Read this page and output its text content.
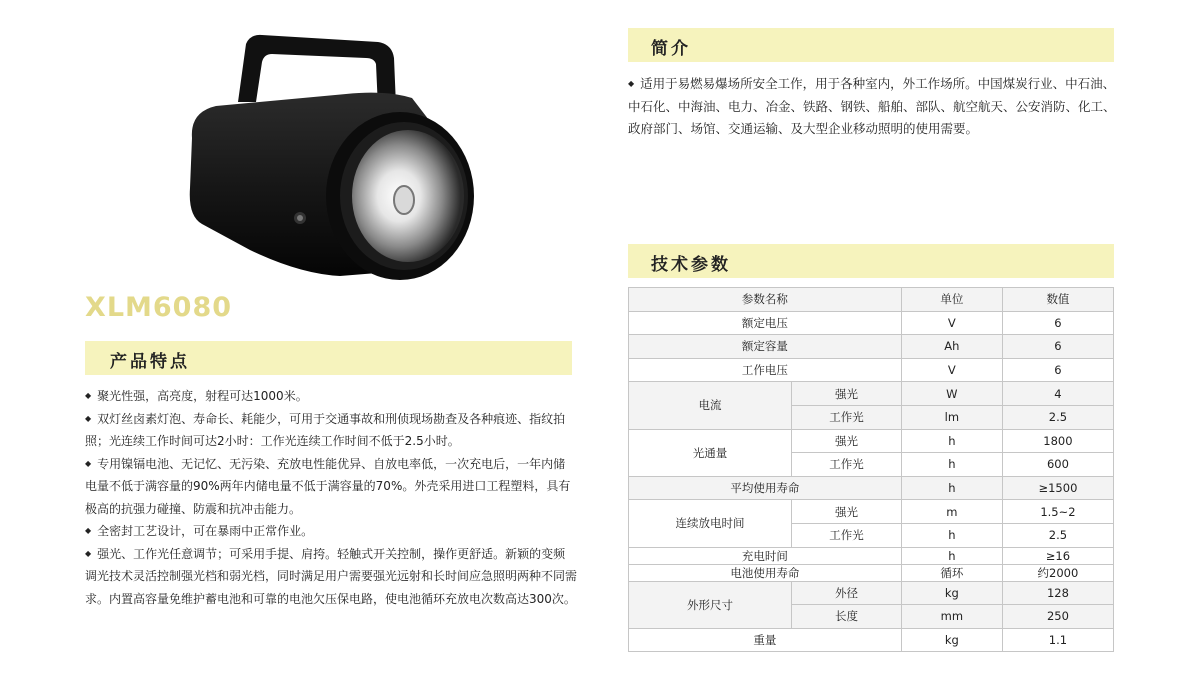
XLM6080
产品特点

◆ 聚光性强，高亮度，射程可达1000米。

◆ 双灯丝卤素灯泡、寿命长、耗能少，可用于交通事故和刑侦现场勘查及各种痕迹、指纹拍照；光连续工作时间可达2小时：工作光连续工作时间不低于2.5小时。

◆ 专用镍镉电池、无记忆、无污染、充放电性能优异、自放电率低，一次充电后，一年内储电量不低于满容量的90%两年内储电量不低于满容量的70%。外壳采用进口工程塑料，具有极高的抗强力碰撞、防震和抗冲击能力。

◆ 全密封工艺设计，可在暴雨中正常作业。

◆ 强光、工作光任意调节；可采用手提、肩挎。轻触式开关控制，操作更舒适。新颖的变频调光技术灵活控制强光档和弱光档，同时满足用户需要强光远射和长时间应急照明两种不同需求。内置高容量免维护蓄电池和可靠的电池欠压保电路，使电池循环充放电次数高达300次。

简介

◆ 适用于易燃易爆场所安全工作，用于各种室内，外工作场所。中国煤炭行业、中石油、中石化、中海油、电力、冶金、铁路、钢铁、船舶、部队、航空航天、公安消防、化工、政府部门、场馆、交通运输、及大型企业移动照明的使用需要。

技术参数
参数名称		单位	数值
额定电压		V	6
额定容量		Ah	6
工作电压		V	6
电流	强光	W	4
	工作光	lm	2.5
光通量	强光	h	1800
	工作光	h	600
平均使用寿命		h	≥1500
连续放电时间	强光	m	1.5~2
	工作光	h	2.5
充电时间		h	≥16
电池使用寿命		循环	约2000
外形尺寸	外径	kg	128
	长度	mm	250
重量		kg	1.1
